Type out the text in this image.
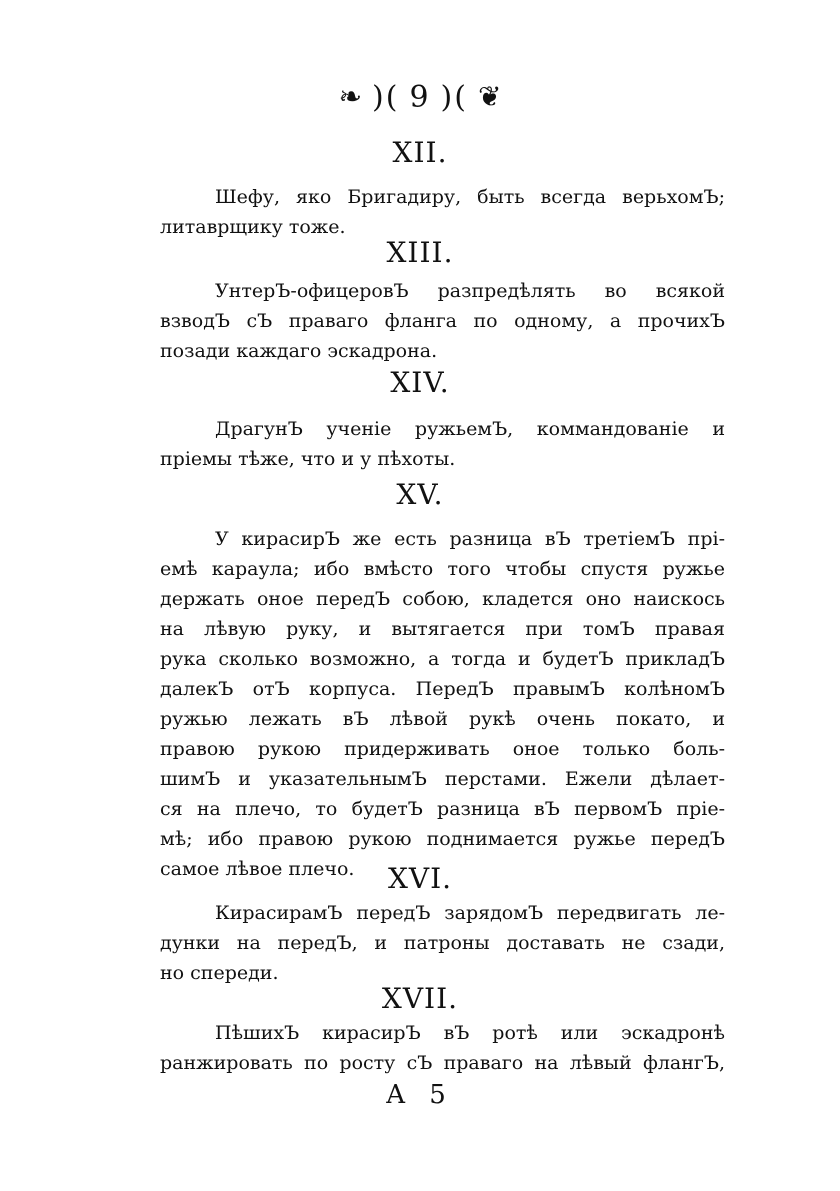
❧ )( 9 )( ❦
XII.
Шефу, яко Бригадиру, быть всегда верьхомЪ;
литаврщику тоже.
XIII.
УнтерЪ-офицеровЪ разпредѣлять во всякой
взводЪ сЪ праваго фланга по одному, а прочихЪ
позади каждаго эскадрона.
XIV.
ДрагунЪ ученіе ружьемЪ, коммандованіе и
пріемы тѣже, что и у пѣхоты.
XV.
У кирасирЪ же есть разница вЪ третіемЪ прі-
емѣ караула; ибо вмѣсто того чтобы спустя ружье
держать оное передЪ собою, кладется оно наискось
на лѣвую руку, и вытягается при томЪ правая
рука сколько возможно, а тогда и будетЪ прикладЪ
далекЪ отЪ корпуса. ПередЪ правымЪ колѣномЪ
ружью лежать вЪ лѣвой рукѣ очень покато, и
правою рукою придерживать оное только боль-
шимЪ и указательнымЪ перстами. Ежели дѣлает-
ся на плечо, то будетЪ разница вЪ первомЪ пріе-
мѣ; ибо правою рукою поднимается ружье передЪ
самое лѣвое плечо.	XVI.
КирасирамЪ передЪ зарядомЪ передвигать ле-
дунки на передЪ, и патроны доставать не сзади,
но спереди.
XVII.
ПѣшихЪ кирасирЪ вЪ ротѣ или эскадронѣ
ранжировать по росту сЪ праваго на лѣвый флангЪ,
A 5
